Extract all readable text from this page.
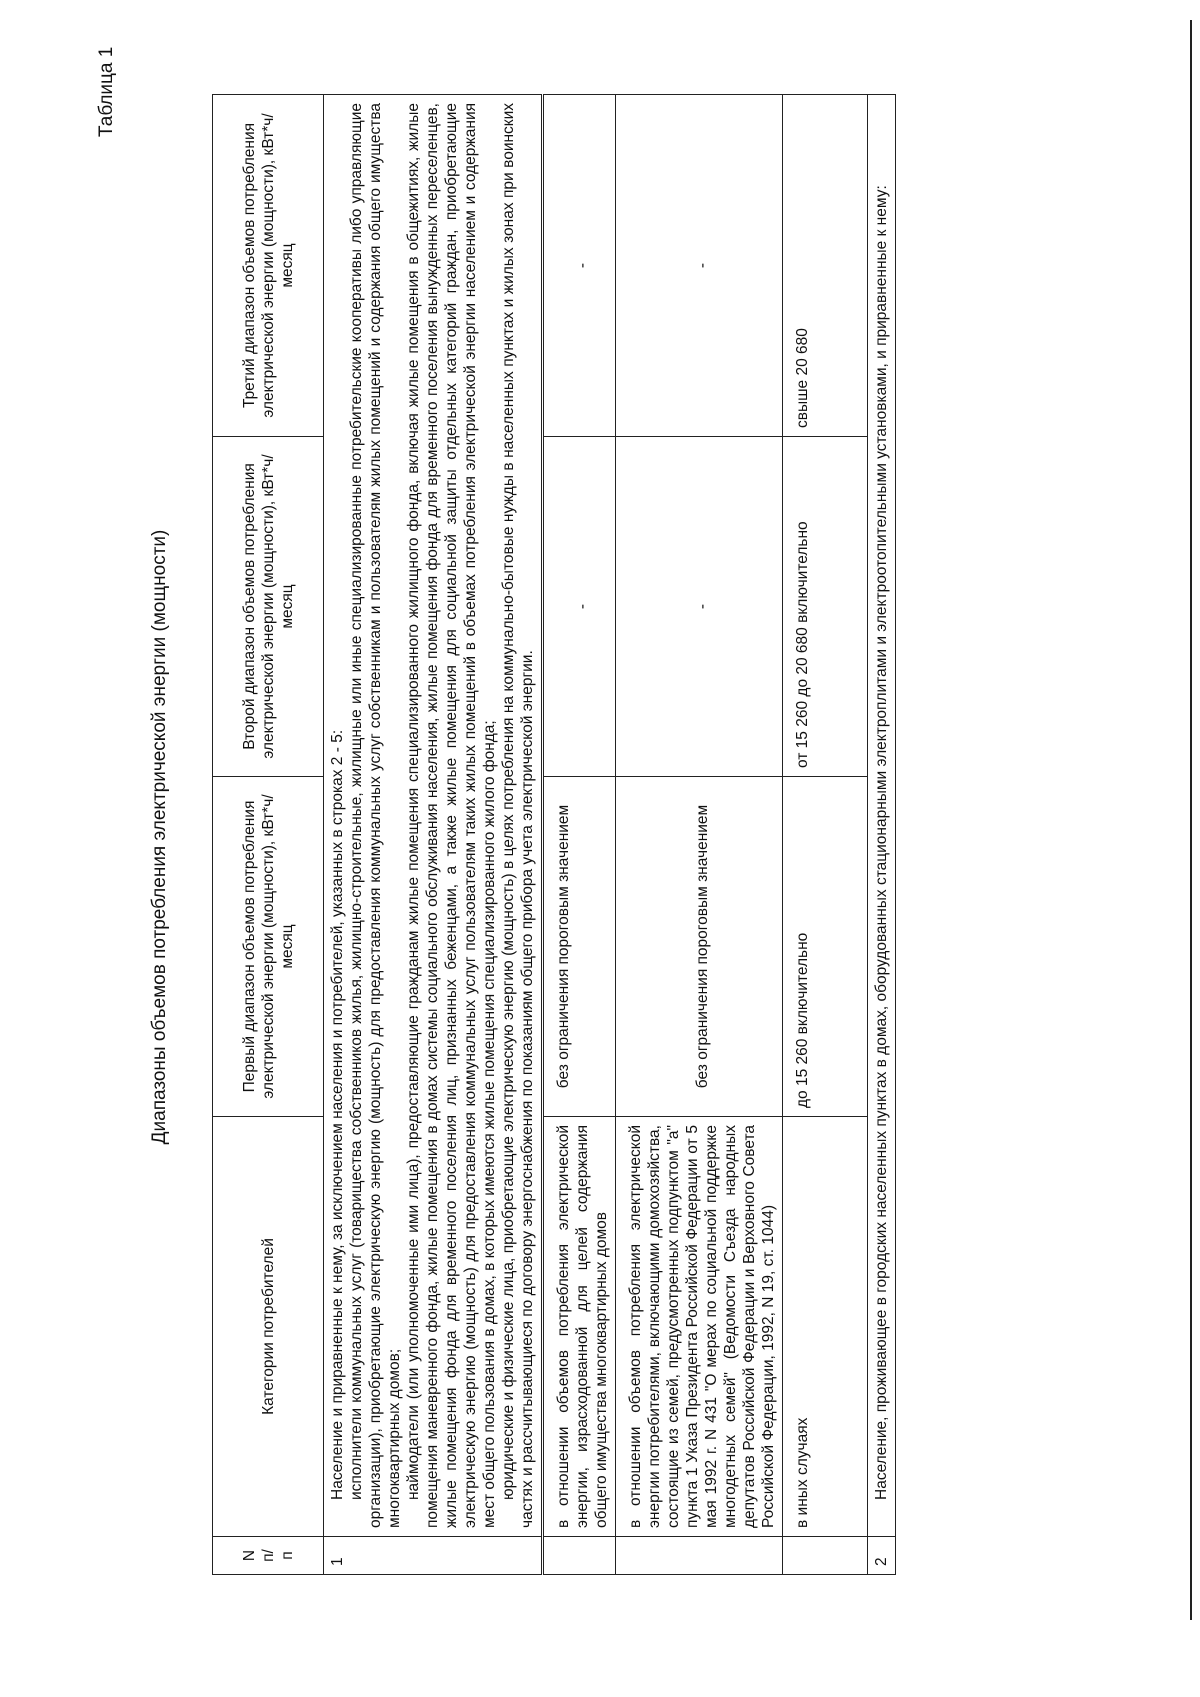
Таблица 1
Диапазоны объемов потребления электрической энергии (мощности)
N п/п	Категории потребителей	Первый диапазон объемов потребления электрической энергии (мощности), кВт*ч/месяц	Второй диапазон объемов потребления электрической энергии (мощности), кВт*ч/месяц	Третий диапазон объемов потребления электрической энергии (мощности), кВт*ч/месяц
1	Население и приравненные к нему, за исключением населения и потребителей, указанных в строках 2 - 5: исполнители коммунальных услуг (товарищества собственников жилья, жилищно-строительные, жилищные или иные специализированные потребительские кооперативы либо управляющие организации), приобретающие электрическую энергию (мощность) для предоставления коммунальных услуг собственникам и пользователям жилых помещений и содержания общего имущества многоквартирных домов; наймодатели (или уполномоченные ими лица), предоставляющие гражданам жилые помещения специализированного жилищного фонда, включая жилые помещения в общежитиях, жилые помещения маневренного фонда, жилые помещения в домах системы социального обслуживания населения, жилые помещения фонда для временного поселения вынужденных переселенцев, жилые помещения фонда для временного поселения лиц, признанных беженцами, а также жилые помещения для социальной защиты отдельных категорий граждан, приобретающие электрическую энергию (мощность) для предоставления коммунальных услуг пользователям таких жилых помещений в объемах потребления электрической энергии населением и содержания мест общего пользования в домах, в которых имеются жилые помещения специализированного жилого фонда; юридические и физические лица, приобретающие электрическую энергию (мощность) в целях потребления на коммунально-бытовые нужды в населенных пунктах и жилых зонах при воинских частях и рассчитывающиеся по договору энергоснабжения по показаниям общего прибора учета электрической энергии.			

	в отношении объемов потребления электрической энергии, израсходованной для целей содержания общего имущества многоквартирных домов	без ограничения пороговым значением	-	-
	в отношении объемов потребления электрической энергии потребителями, включающими домохозяйства, состоящие из семей, предусмотренных подпунктом "а" пункта 1 Указа Президента Российской Федерации от 5 мая 1992 г. N 431 "О мерах по социальной поддержке многодетных семей" (Ведомости Съезда народных депутатов Российской Федерации и Верховного Совета Российской Федерации, 1992, N 19, ст. 1044)	без ограничения пороговым значением	-	-
	в иных случаях	до 15 260 включительно	от 15 260 до 20 680 включительно	свыше 20 680
2	Население, проживающее в городских населенных пунктах в домах, оборудованных стационарными электроплитами и электроотопительными установками, и приравненные к нему:			
